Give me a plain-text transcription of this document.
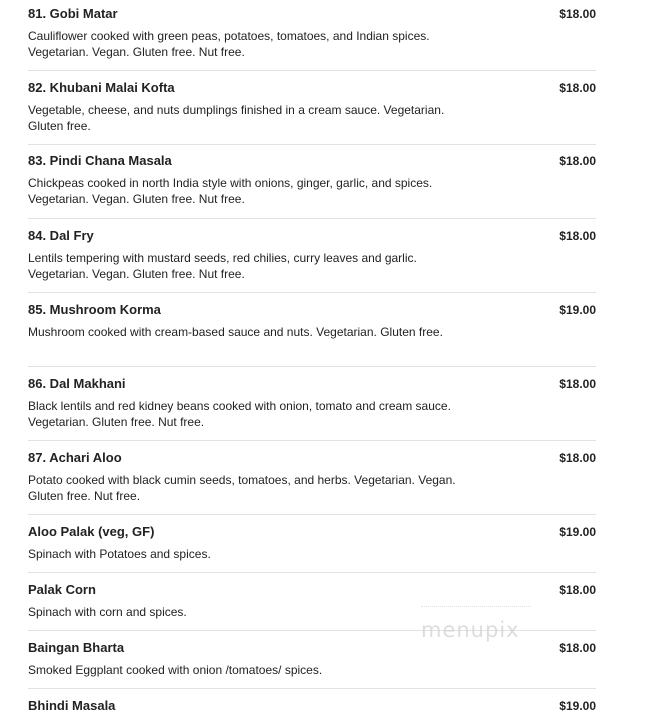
81. Gobi Matar	$18.00
Cauliflower cooked with green peas, potatoes, tomatoes, and Indian spices. Vegetarian. Vegan. Gluten free. Nut free.
82. Khubani Malai Kofta	$18.00
Vegetable, cheese, and nuts dumplings finished in a cream sauce. Vegetarian. Gluten free.
83. Pindi Chana Masala	$18.00
Chickpeas cooked in north India style with onions, ginger, garlic, and spices. Vegetarian. Vegan. Gluten free. Nut free.
84. Dal Fry	$18.00
Lentils tempering with mustard seeds, red chilies, curry leaves and garlic. Vegetarian. Vegan. Gluten free. Nut free.
85. Mushroom Korma	$19.00
Mushroom cooked with cream-based sauce and nuts. Vegetarian. Gluten free.
86. Dal Makhani	$18.00
Black lentils and red kidney beans cooked with onion, tomato and cream sauce. Vegetarian. Gluten free. Nut free.
87. Achari Aloo	$18.00
Potato cooked with black cumin seeds, tomatoes, and herbs. Vegetarian. Vegan. Gluten free. Nut free.
Aloo Palak (veg, GF)	$19.00
Spinach with Potatoes and spices.
Palak Corn	$18.00
Spinach with corn and spices.
Baingan Bharta	$18.00
Smoked Eggplant cooked with onion /tomatoes/ spices.
Bhindi Masala	$19.00
menupix
